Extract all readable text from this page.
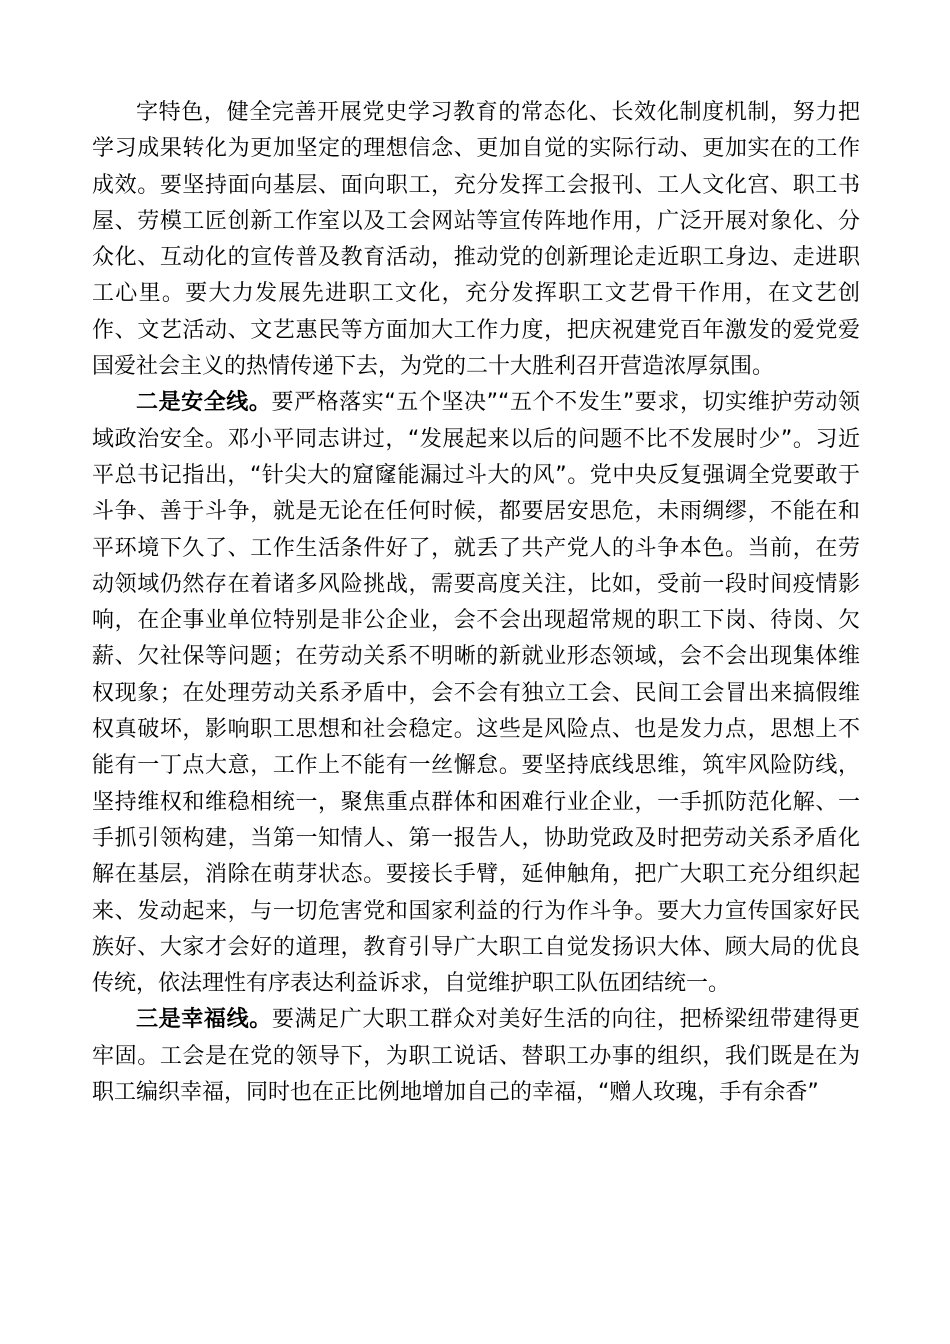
字特色，健全完善开展党史学习教育的常态化、长效化制度机制，努力把学习成果转化为更加坚定的理想信念、更加自觉的实际行动、更加实在的工作成效。要坚持面向基层、面向职工，充分发挥工会报刊、工人文化宫、职工书屋、劳模工匠创新工作室以及工会网站等宣传阵地作用，广泛开展对象化、分众化、互动化的宣传普及教育活动，推动党的创新理论走近职工身边、走进职工心里。要大力发展先进职工文化，充分发挥职工文艺骨干作用，在文艺创作、文艺活动、文艺惠民等方面加大工作力度，把庆祝建党百年激发的爱党爱国爱社会主义的热情传递下去，为党的二十大胜利召开营造浓厚氛围。

二是安全线。要严格落实“五个坚决”“五个不发生”要求，切实维护劳动领域政治安全。邓小平同志讲过，“发展起来以后的问题不比不发展时少”。习近平总书记指出，“针尖大的窟窿能漏过斗大的风”。党中央反复强调全党要敢于斗争、善于斗争，就是无论在任何时候，都要居安思危，未雨绸缪，不能在和平环境下久了、工作生活条件好了，就丢了共产党人的斗争本色。当前，在劳动领域仍然存在着诸多风险挑战，需要高度关注，比如，受前一段时间疫情影响，在企事业单位特别是非公企业，会不会出现超常规的职工下岗、待岗、欠薪、欠社保等问题；在劳动关系不明晰的新就业形态领域，会不会出现集体维权现象；在处理劳动关系矛盾中，会不会有独立工会、民间工会冒出来搞假维权真破坏，影响职工思想和社会稳定。这些是风险点、也是发力点，思想上不能有一丁点大意，工作上不能有一丝懈怠。要坚持底线思维，筑牢风险防线，坚持维权和维稳相统一，聚焦重点群体和困难行业企业，一手抓防范化解、一手抓引领构建，当第一知情人、第一报告人，协助党政及时把劳动关系矛盾化解在基层，消除在萌芽状态。要接长手臂，延伸触角，把广大职工充分组织起来、发动起来，与一切危害党和国家利益的行为作斗争。要大力宣传国家好民族好、大家才会好的道理，教育引导广大职工自觉发扬识大体、顾大局的优良传统，依法理性有序表达利益诉求，自觉维护职工队伍团结统一。

三是幸福线。要满足广大职工群众对美好生活的向往，把桥梁纽带建得更牢固。工会是在党的领导下，为职工说话、替职工办事的组织，我们既是在为职工编织幸福，同时也在正比例地增加自己的幸福，“赠人玫瑰，手有余香”
